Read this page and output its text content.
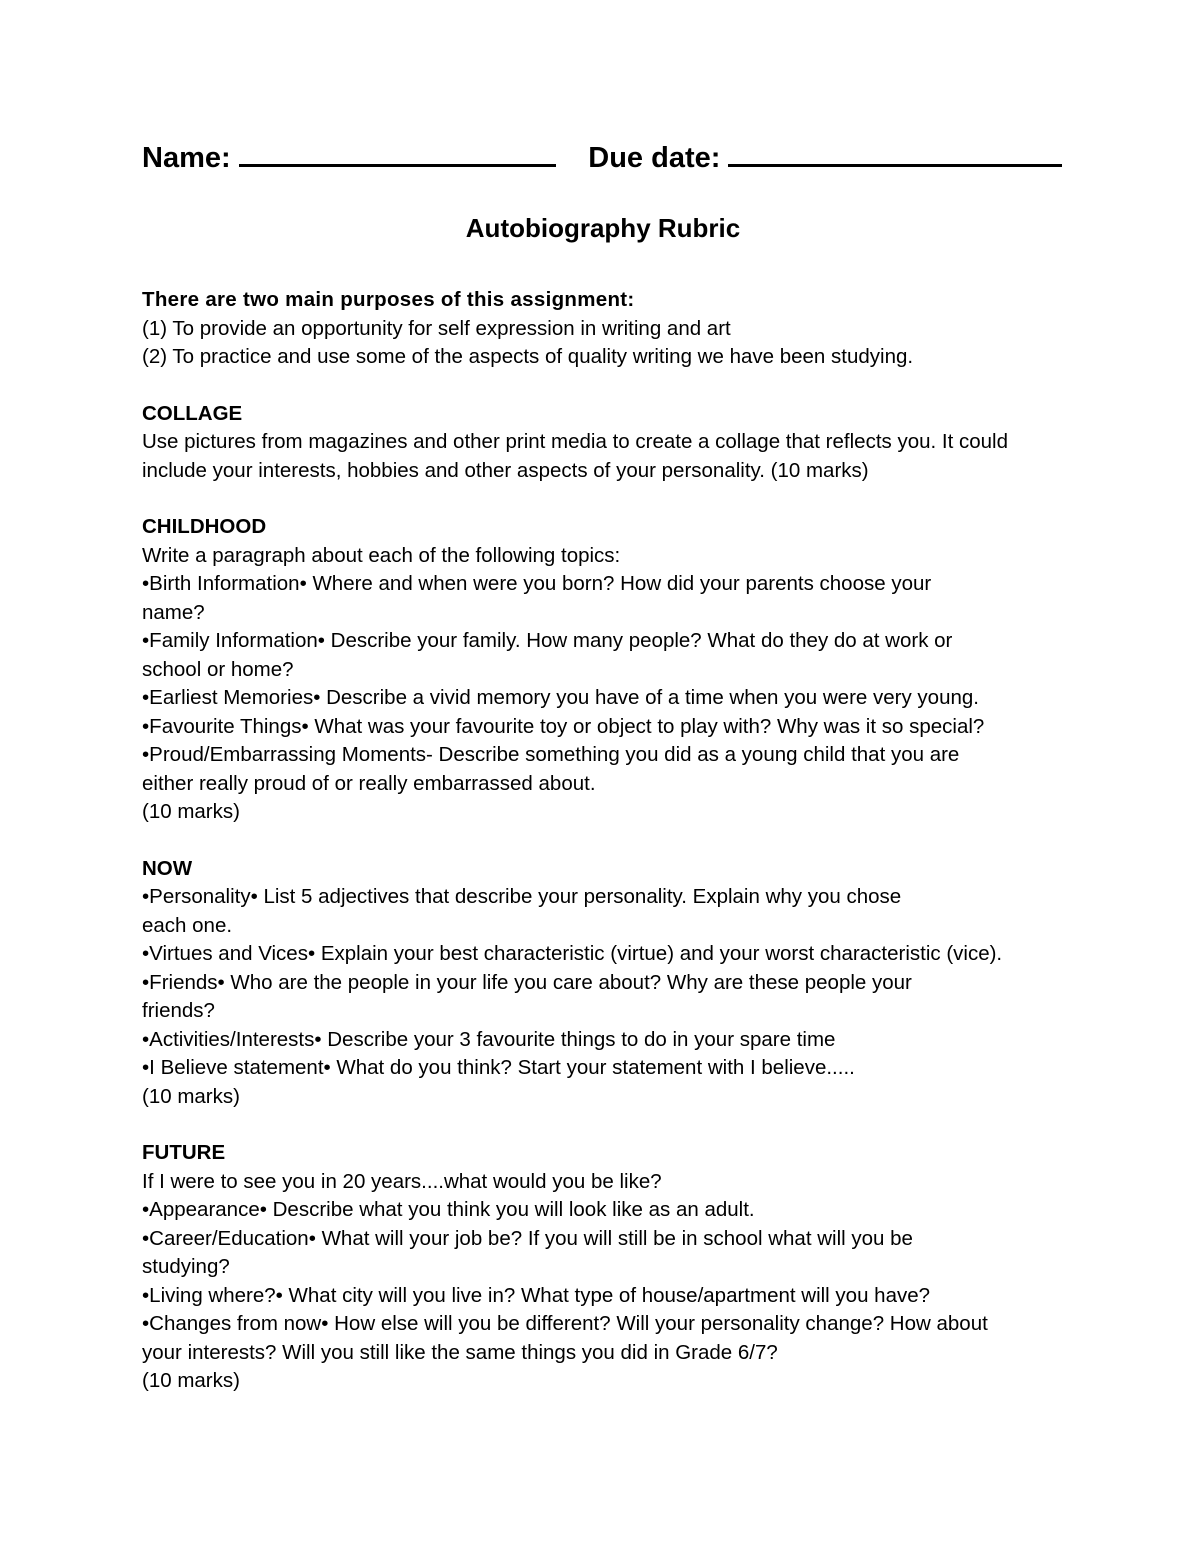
Name:	Due date:
Autobiography Rubric

There are two main purposes of this assignment:

(1) To provide an opportunity for self expression in writing and art

(2) To practice and use some of the aspects of quality writing we have been studying.

COLLAGE

Use pictures from magazines and other print media to create a collage that reflects you. It could

include your interests, hobbies and other aspects of your personality. (10 marks)

CHILDHOOD

Write a paragraph about each of the following topics:

•Birth Information• Where and when were you born? How did your parents choose your

name?

•Family Information• Describe your family. How many people? What do they do at work or

school or home?

•Earliest Memories• Describe a vivid memory you have of a time when you were very young.

•Favourite Things• What was your favourite toy or object to play with? Why was it so special?

•Proud/Embarrassing Moments- Describe something you did as a young child that you are

either really proud of or really embarrassed about.

(10 marks)

NOW

•Personality• List 5 adjectives that describe your personality. Explain why you chose

each one.

•Virtues and Vices• Explain your best characteristic (virtue) and your worst characteristic (vice).

•Friends• Who are the people in your life you care about? Why are these people your

friends?

•Activities/Interests• Describe your 3 favourite things to do in your spare time

•I Believe statement• What do you think? Start your statement with I believe.....

(10 marks)

FUTURE

If I were to see you in 20 years....what would you be like?

•Appearance• Describe what you think you will look like as an adult.

•Career/Education• What will your job be? If you will still be in school what will you be

studying?

•Living where?• What city will you live in? What type of house/apartment will you have?

•Changes from now• How else will you be different? Will your personality change? How about

your interests? Will you still like the same things you did in Grade 6/7?

(10 marks)
